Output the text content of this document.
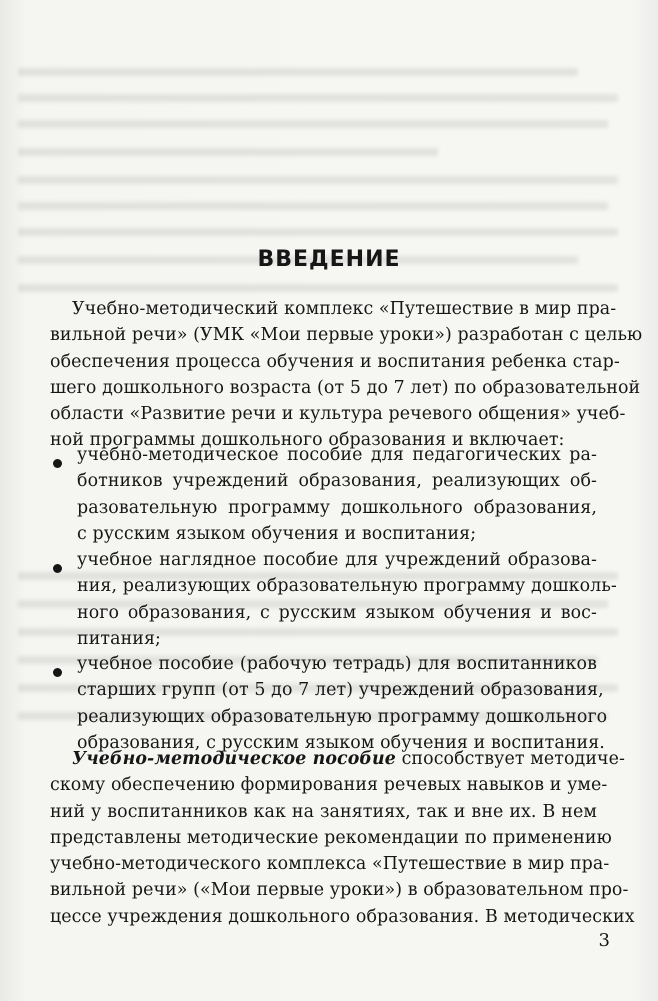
ВВЕДЕНИЕ
Учебно-методический комплекс «Путешествие в мир пра-
вильной речи» (УМК «Мои первые уроки») разработан с целью
обеспечения процесса обучения и воспитания ребенка стар-
шего дошкольного возраста (от 5 до 7 лет) по образовательной
области «Развитие речи и культура речевого общения» учеб-
ной программы дошкольного образования и включает:
учебно-методическое пособие для педагогических ра-
ботников учреждений образования, реализующих об-
разовательную программу дошкольного образования,
с русским языком обучения и воспитания;
учебное наглядное пособие для учреждений образова-
ния, реализующих образовательную программу дошколь-
ного образования, с русским языком обучения и вос-
питания;
учебное пособие (рабочую тетрадь) для воспитанников
старших групп (от 5 до 7 лет) учреждений образования,
реализующих образовательную программу дошкольного
образования, с русским языком обучения и воспитания.
Учебно-методическое пособие способствует методиче-
скому обеспечению формирования речевых навыков и уме-
ний у воспитанников как на занятиях, так и вне их. В нем
представлены методические рекомендации по применению
учебно-методического комплекса «Путешествие в мир пра-
вильной речи» («Мои первые уроки») в образовательном про-
цессе учреждения дошкольного образования. В методических
3
